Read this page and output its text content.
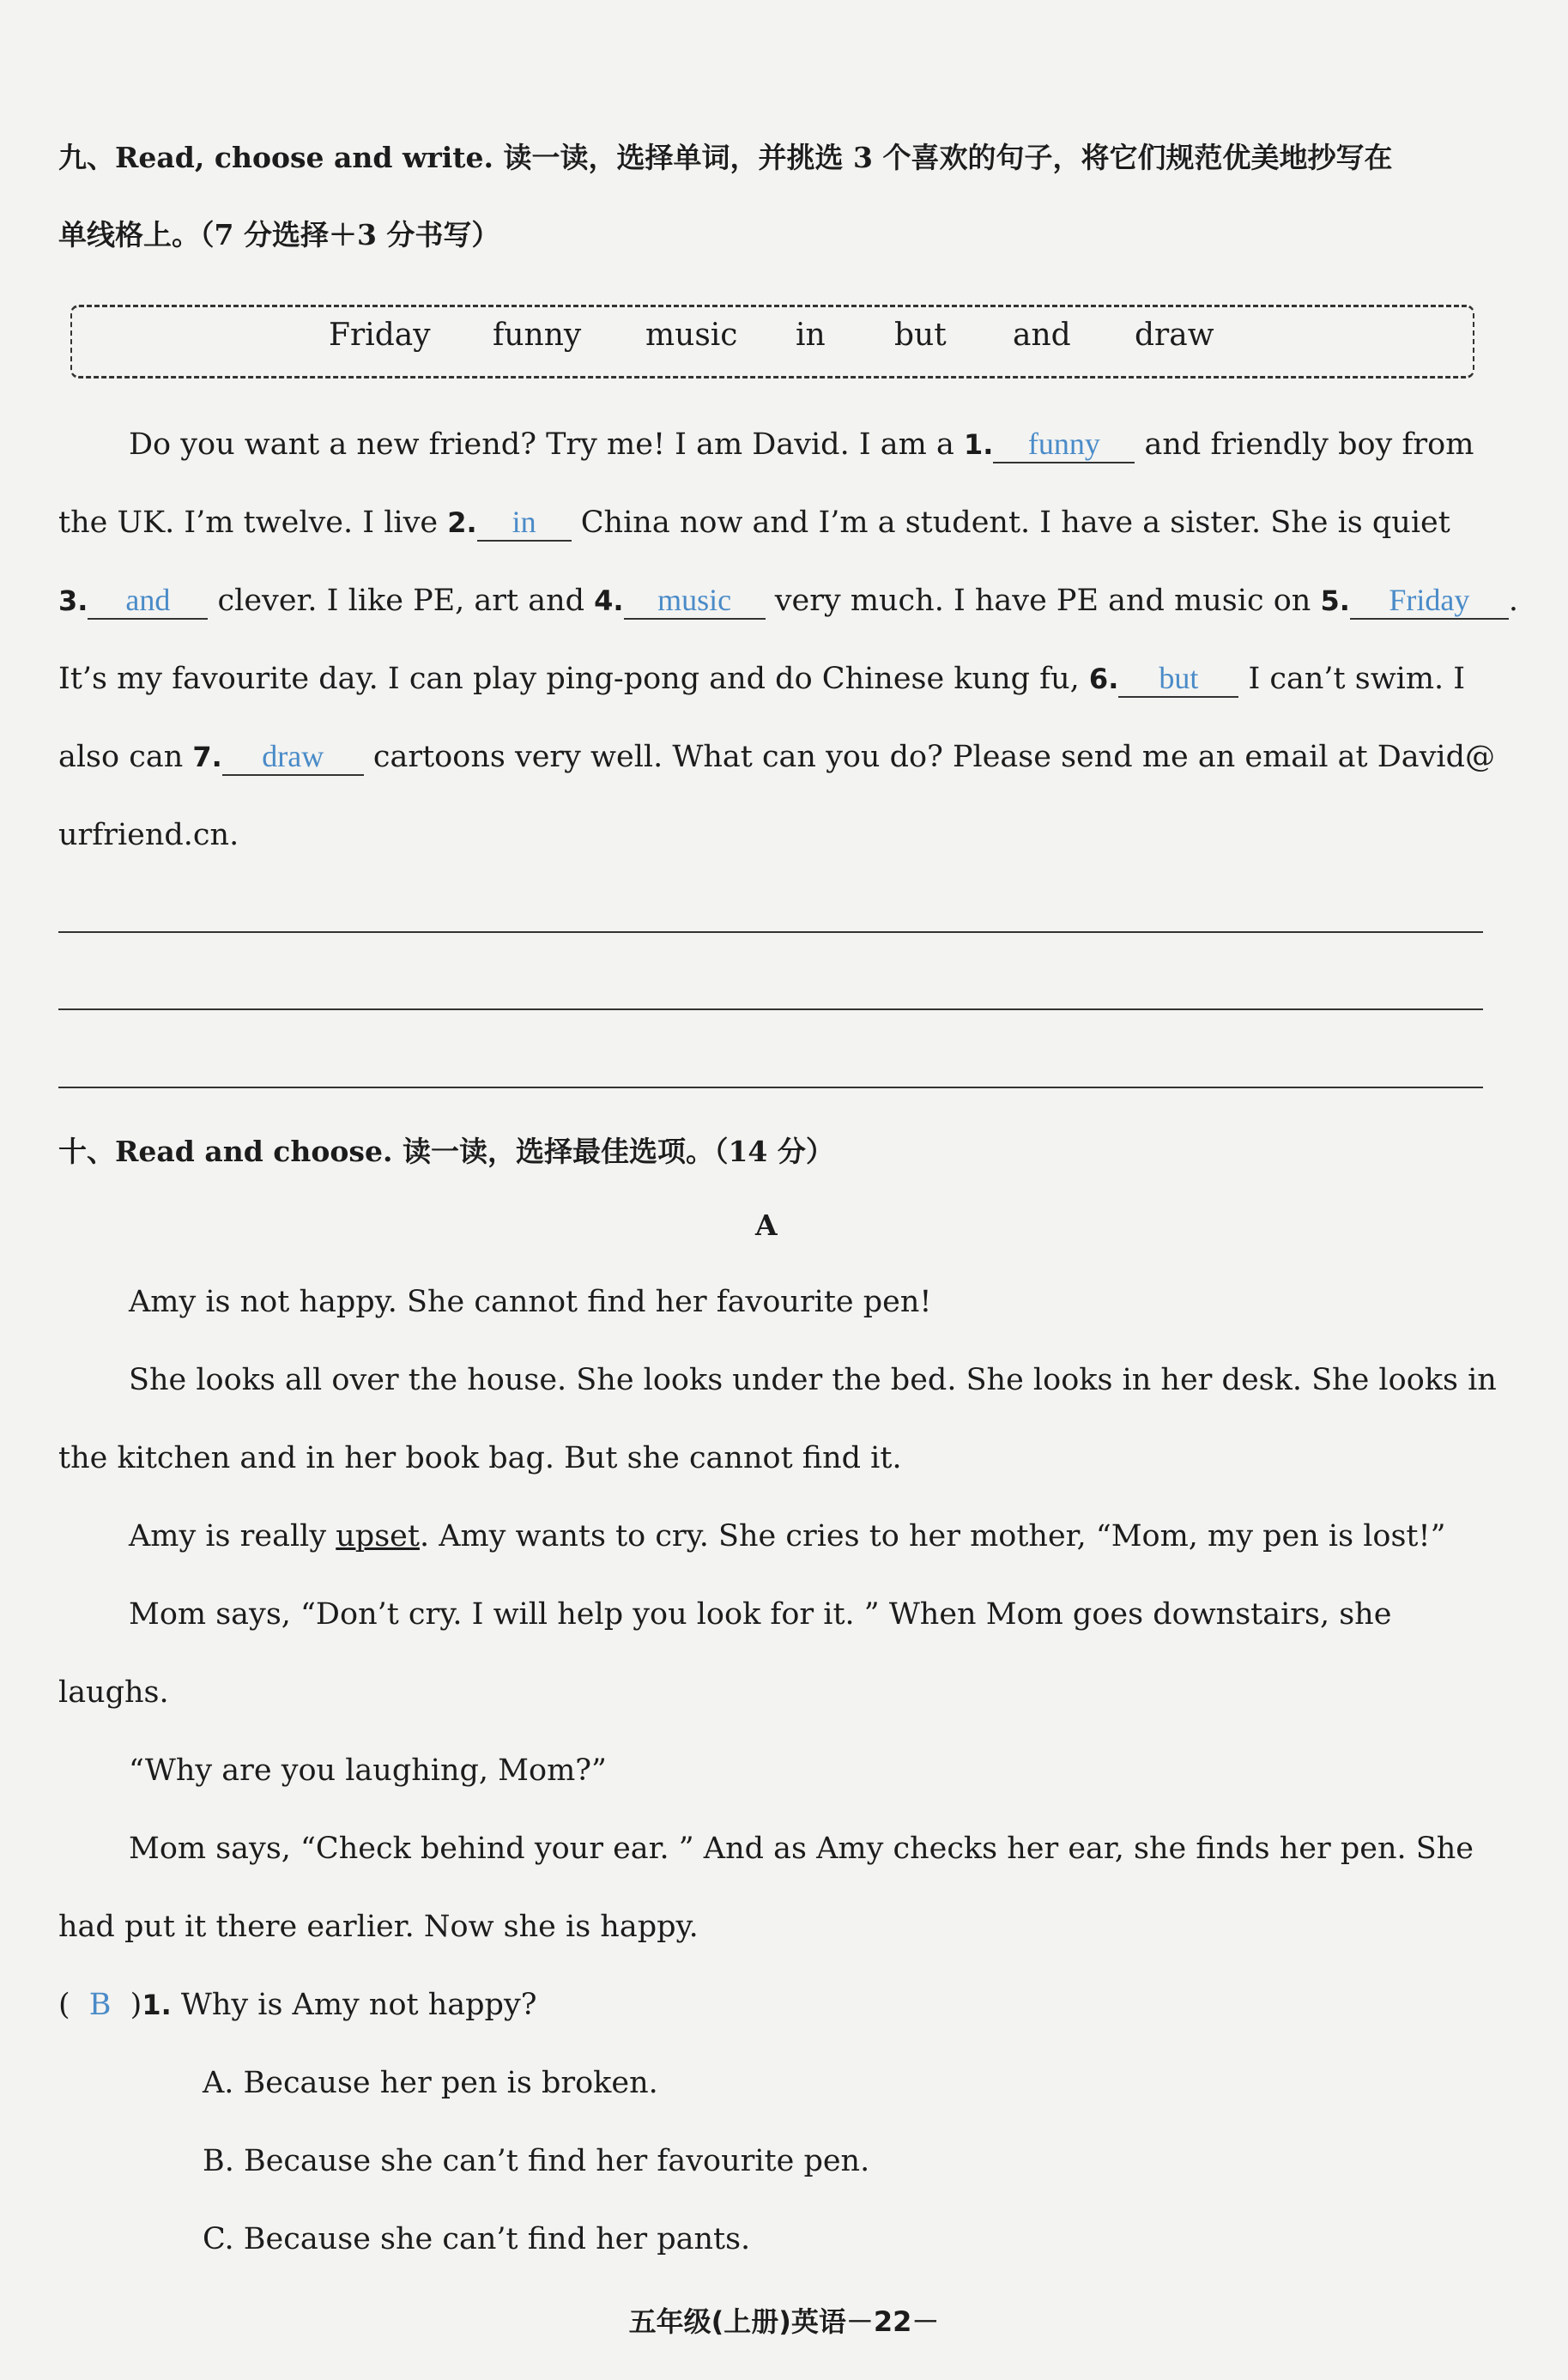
九、Read, choose and write. 读一读，选择单词，并挑选 3 个喜欢的句子，将它们规范优美地抄写在
单线格上。（7 分选择＋3 分书写）
Friday funny music in but and draw
Do you want a new friend? Try me! I am David. I am a 1. funny and friendly boy from
the UK. I’m twelve. I live 2. in China now and I’m a student. I have a sister. She is quiet
3. and clever. I like PE, art and 4. music very much. I have PE and music on 5. Friday .
It’s my favourite day. I can play ping-pong and do Chinese kung fu, 6. but I can’t swim. I
also can 7. draw cartoons very well. What can you do? Please send me an email at David@
urfriend.cn.
十、Read and choose. 读一读，选择最佳选项。（14 分）
A
Amy is not happy. She cannot find her favourite pen!
She looks all over the house. She looks under the bed. She looks in her desk. She looks in
the kitchen and in her book bag. But she cannot find it.
Amy is really upset. Amy wants to cry. She cries to her mother, “Mom, my pen is lost!”
Mom says, “Don’t cry. I will help you look for it. ” When Mom goes downstairs, she
laughs.
“Why are you laughing, Mom?”
Mom says, “Check behind your ear. ” And as Amy checks her ear, she finds her pen. She
had put it there earlier. Now she is happy.
( B )1. Why is Amy not happy?
A. Because her pen is broken.
B. Because she can’t find her favourite pen.
C. Because she can’t find her pants.
五年级(上册)英语－22－
